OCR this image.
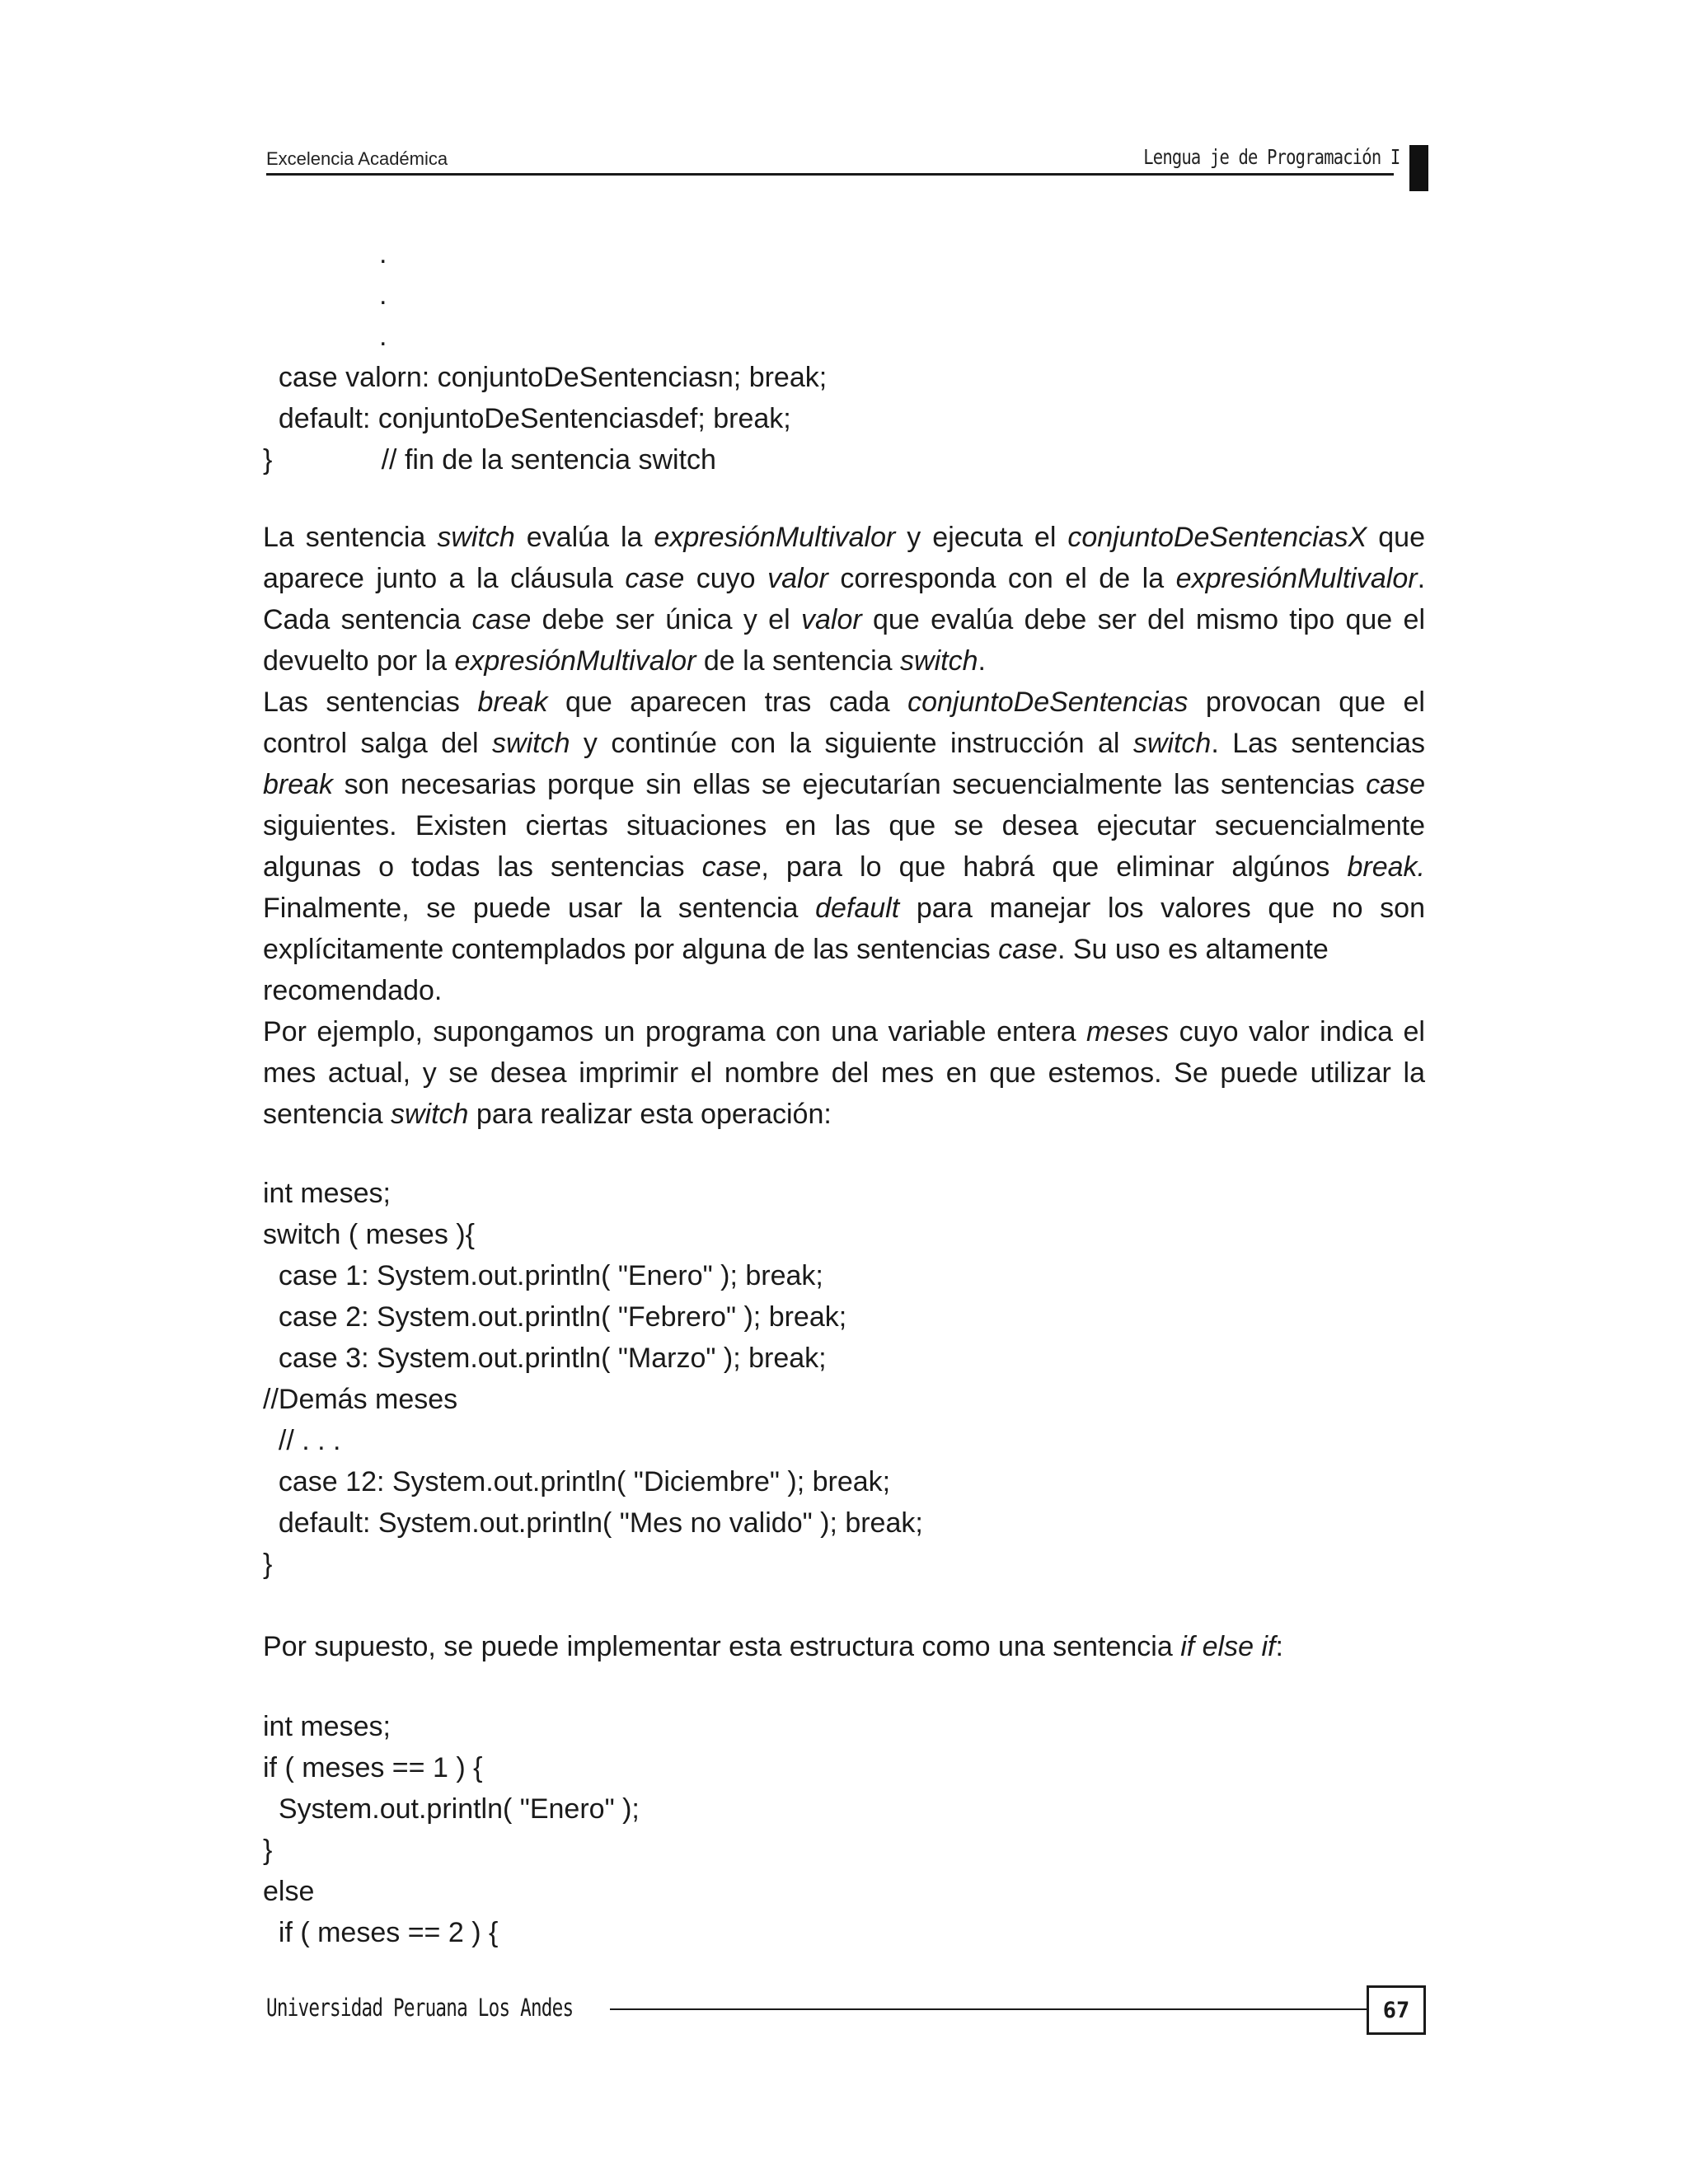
Excelencia Académica	Lengua je de Programación I
.
.
.
case valorn: conjuntoDeSentenciasn; break;
default: conjuntoDeSentenciasdef; break;
}              // fin de la sentencia switch
La sentencia switch evalúa la expresiónMultivalor y ejecuta el conjuntoDeSentenciasX que
aparece junto a la cláusula case cuyo valor corresponda con el de la expresiónMultivalor.
Cada sentencia case debe ser única y el valor que evalúa debe ser del mismo tipo que el
devuelto por la expresiónMultivalor de la sentencia switch.
Las sentencias break que aparecen tras cada conjuntoDeSentencias provocan que el
control salga del switch y continúe con la siguiente instrucción al switch. Las sentencias
break son necesarias porque sin ellas se ejecutarían secuencialmente las sentencias case
siguientes. Existen ciertas situaciones en las que se desea ejecutar secuencialmente
algunas o todas las sentencias case, para lo que habrá que eliminar algúnos break.
Finalmente, se puede usar la sentencia default para manejar los valores que no son
explícitamente contemplados por alguna de las sentencias case. Su uso es altamente
recomendado.
Por ejemplo, supongamos un programa con una variable entera meses cuyo valor indica el
mes actual, y se desea imprimir el nombre del mes en que estemos. Se puede utilizar la
sentencia switch para realizar esta operación:
int meses;
switch ( meses ){
case 1: System.out.println( "Enero" ); break;
case 2: System.out.println( "Febrero" ); break;
case 3: System.out.println( "Marzo" ); break;
//Demás meses
// . . .
case 12: System.out.println( "Diciembre" ); break;
default: System.out.println( "Mes no valido" ); break;
}
Por supuesto, se puede implementar esta estructura como una sentencia if else if:
int meses;
if ( meses == 1 ) {
System.out.println( "Enero" );
}
else
if ( meses == 2 ) {
Universidad Peruana Los Andes	67
